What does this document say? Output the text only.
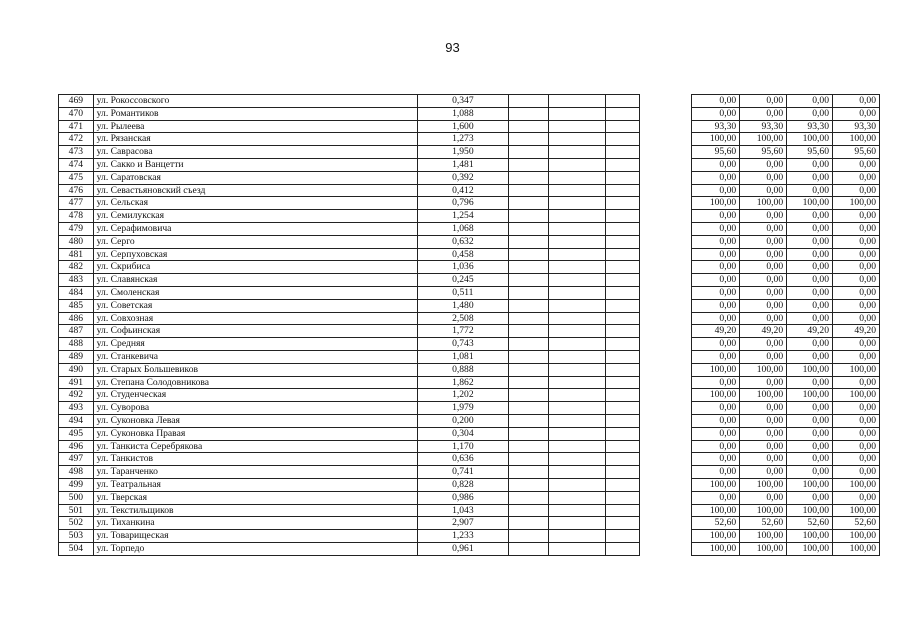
93
469	ул. Рокоссовского	0,347					0,00	0,00	0,00	0,00
470	ул. Романтиков	1,088					0,00	0,00	0,00	0,00
471	ул. Рылеева	1,600					93,30	93,30	93,30	93,30
472	ул. Рязанская	1,273					100,00	100,00	100,00	100,00
473	ул. Саврасова	1,950					95,60	95,60	95,60	95,60
474	ул. Сакко и Ванцетти	1,481					0,00	0,00	0,00	0,00
475	ул. Саратовская	0,392					0,00	0,00	0,00	0,00
476	ул. Севастьяновский съезд	0,412					0,00	0,00	0,00	0,00
477	ул. Сельская	0,796					100,00	100,00	100,00	100,00
478	ул. Семилукская	1,254					0,00	0,00	0,00	0,00
479	ул. Серафимовича	1,068					0,00	0,00	0,00	0,00
480	ул. Серго	0,632					0,00	0,00	0,00	0,00
481	ул. Серпуховская	0,458					0,00	0,00	0,00	0,00
482	ул. Скрибиса	1,036					0,00	0,00	0,00	0,00
483	ул. Славянская	0,245					0,00	0,00	0,00	0,00
484	ул. Смоленская	0,511					0,00	0,00	0,00	0,00
485	ул. Советская	1,480					0,00	0,00	0,00	0,00
486	ул. Совхозная	2,508					0,00	0,00	0,00	0,00
487	ул. Софьинская	1,772					49,20	49,20	49,20	49,20
488	ул. Средняя	0,743					0,00	0,00	0,00	0,00
489	ул. Станкевича	1,081					0,00	0,00	0,00	0,00
490	ул. Старых Большевиков	0,888					100,00	100,00	100,00	100,00
491	ул. Степана Солодовникова	1,862					0,00	0,00	0,00	0,00
492	ул. Студенческая	1,202					100,00	100,00	100,00	100,00
493	ул. Суворова	1,979					0,00	0,00	0,00	0,00
494	ул. Суконовка Левая	0,200					0,00	0,00	0,00	0,00
495	ул. Суконовка Правая	0,304					0,00	0,00	0,00	0,00
496	ул. Танкиста Серебрякова	1,170					0,00	0,00	0,00	0,00
497	ул. Танкистов	0,636					0,00	0,00	0,00	0,00
498	ул. Таранченко	0,741					0,00	0,00	0,00	0,00
499	ул. Театральная	0,828					100,00	100,00	100,00	100,00
500	ул. Тверская	0,986					0,00	0,00	0,00	0,00
501	ул. Текстильщиков	1,043					100,00	100,00	100,00	100,00
502	ул. Тиханкина	2,907					52,60	52,60	52,60	52,60
503	ул. Товарищеская	1,233					100,00	100,00	100,00	100,00
504	ул. Торпедо	0,961					100,00	100,00	100,00	100,00
